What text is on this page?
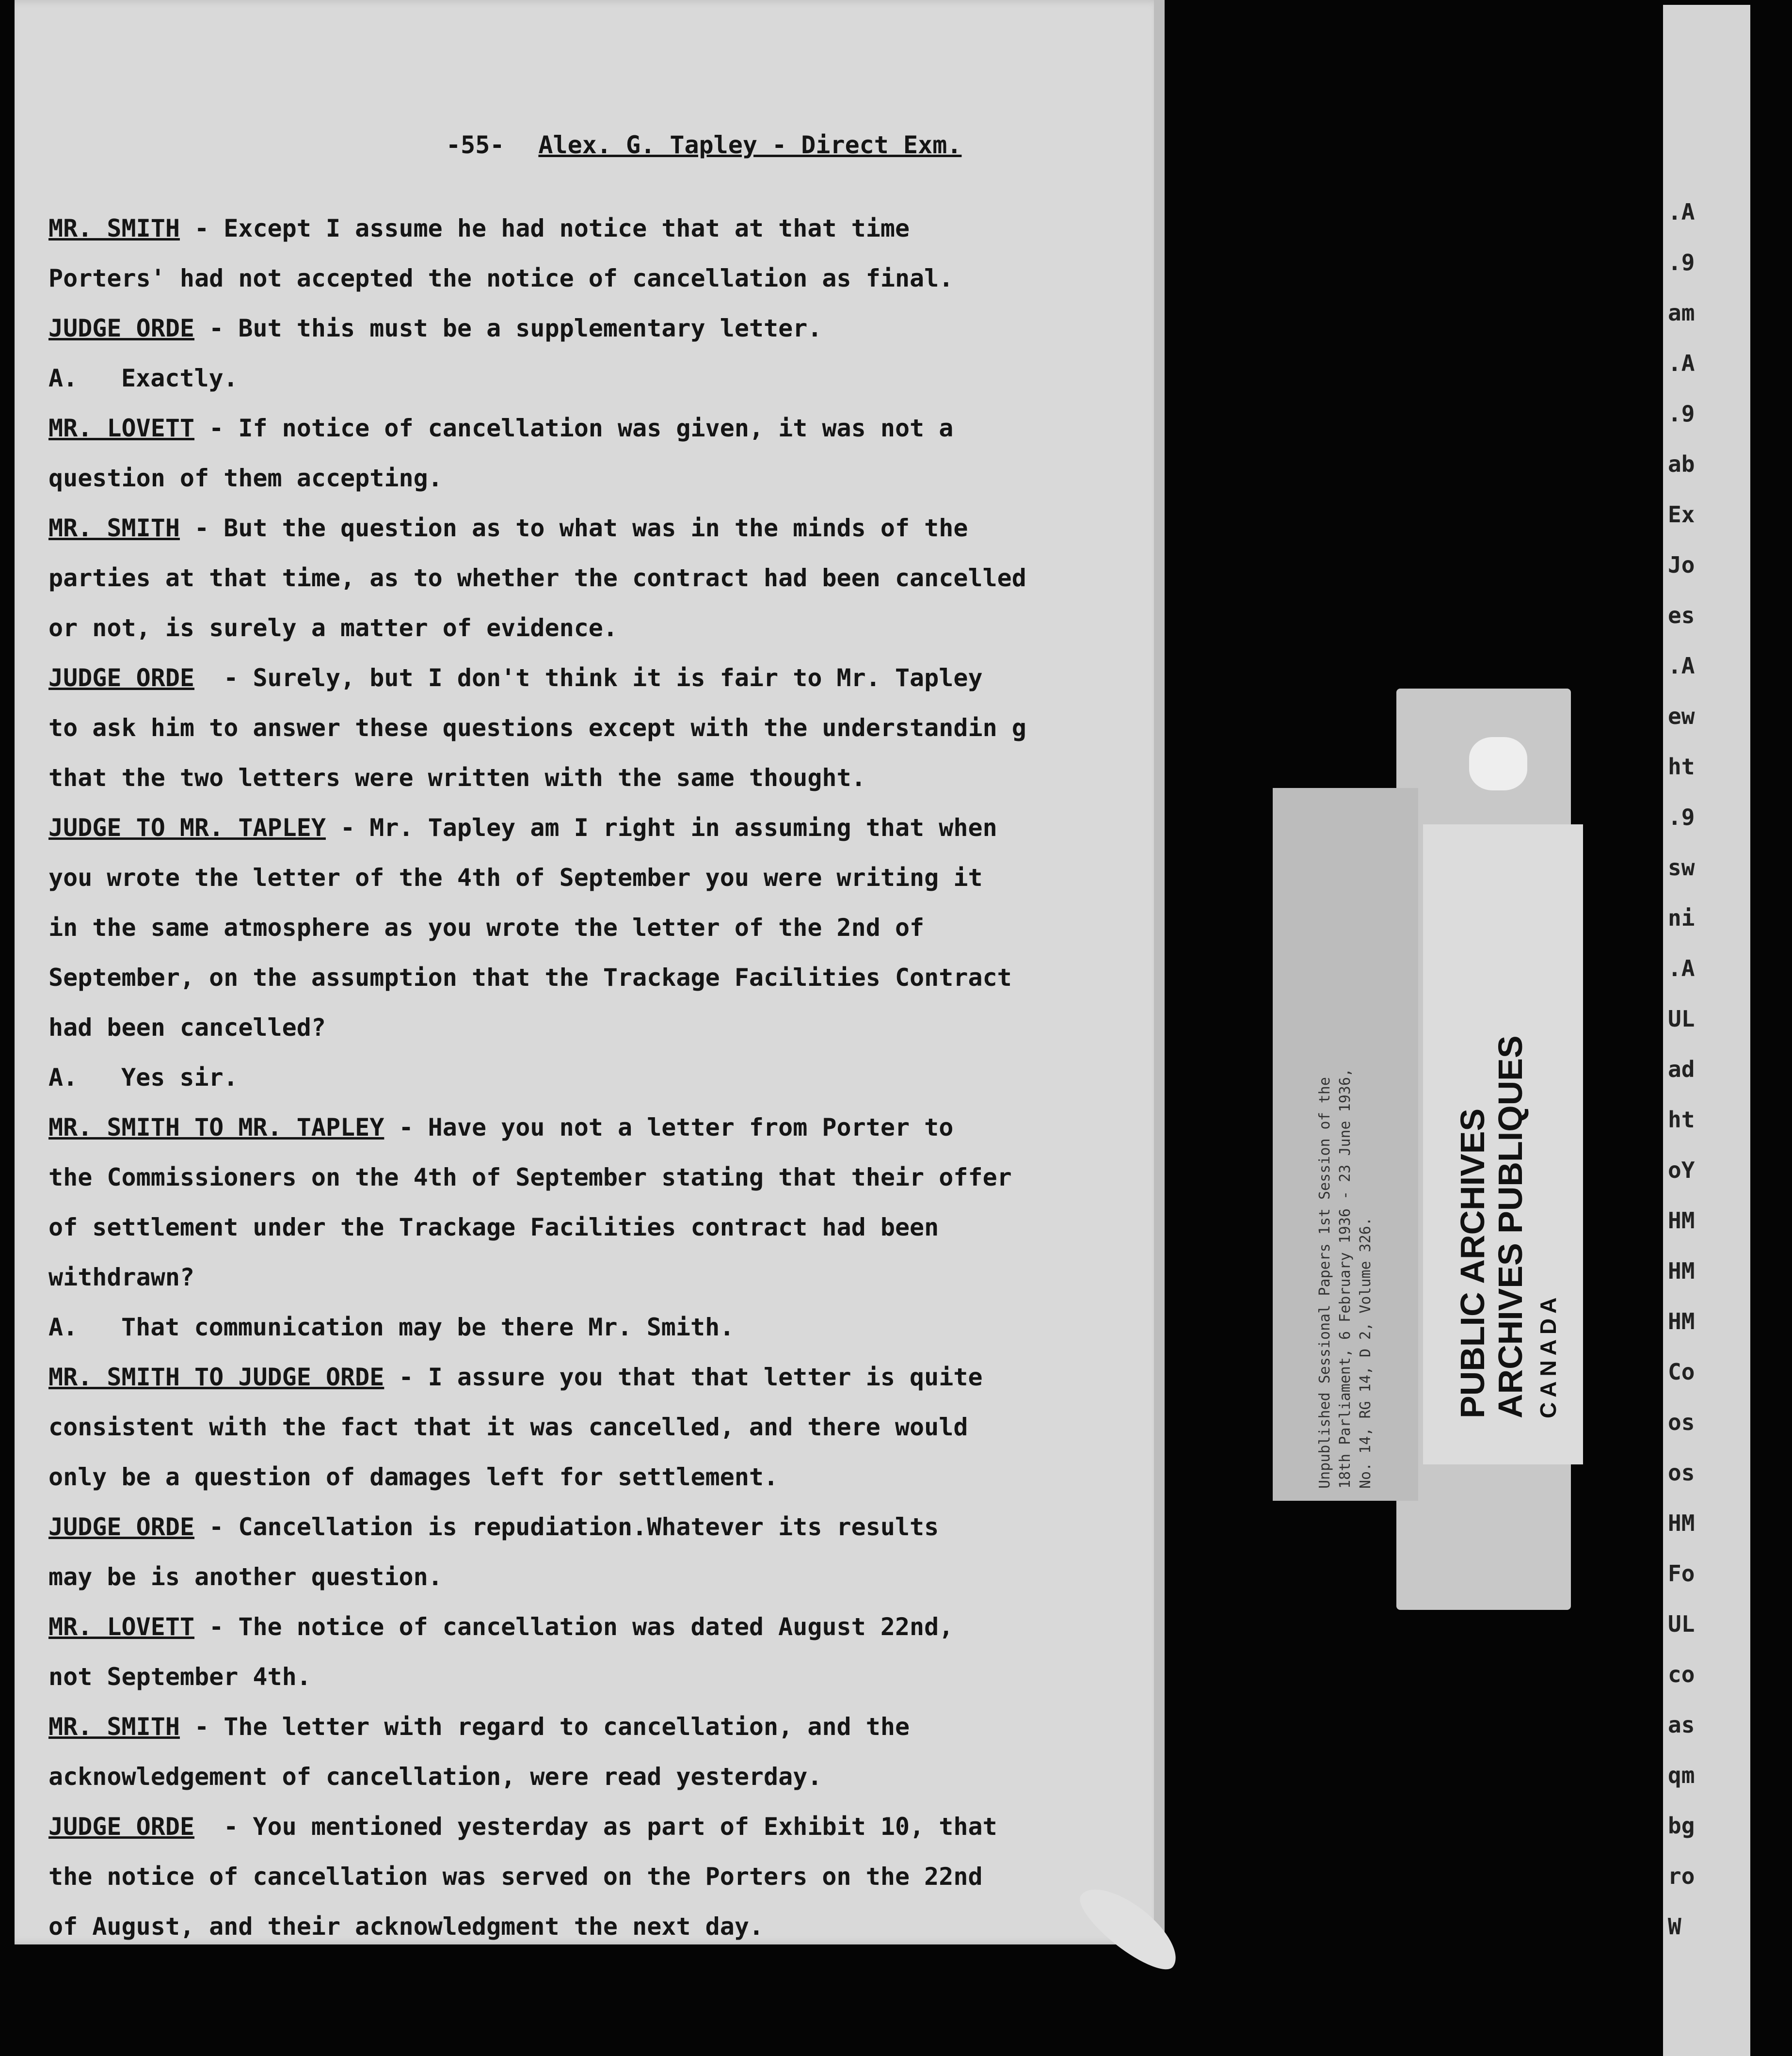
-55- Alex. G. Tapley - Direct Exm.
MR. SMITH - Except I assume he had notice that at that time
Porters' had not accepted the notice of cancellation as final.
JUDGE ORDE - But this must be a supplementary letter.
A. Exactly.
MR. LOVETT - If notice of cancellation was given, it was not a
question of them accepting.
MR. SMITH - But the question as to what was in the minds of the
parties at that time, as to whether the contract had been cancelled
or not, is surely a matter of evidence.
JUDGE ORDE  - Surely, but I don't think it is fair to Mr. Tapley
to ask him to answer these questions except with the understandin g
that the two letters were written with the same thought.
JUDGE TO MR. TAPLEY - Mr. Tapley am I right in assuming that when
you wrote the letter of the 4th of September you were writing it
in the same atmosphere as you wrote the letter of the 2nd of
September, on the assumption that the Trackage Facilities Contract
had been cancelled?
A. Yes sir.
MR. SMITH TO MR. TAPLEY - Have you not a letter from Porter to
the Commissioners on the 4th of September stating that their offer
of settlement under the Trackage Facilities contract had been
withdrawn?
A. That communication may be there Mr. Smith.
MR. SMITH TO JUDGE ORDE - I assure you that that letter is quite
consistent with the fact that it was cancelled, and there would
only be a question of damages left for settlement.
JUDGE ORDE - Cancellation is repudiation.Whatever its results
may be is another question.
MR. LOVETT - The notice of cancellation was dated August 22nd,
not September 4th.
MR. SMITH - The letter with regard to cancellation, and the
acknowledgement of cancellation, were read yesterday.
JUDGE ORDE  - You mentioned yesterday as part of Exhibit 10, that
the notice of cancellation was served on the Porters on the 22nd
of August, and their acknowledgment the next day.
.A
.9
am
.A
.9
ab
Ex
Jo
es
.A
ew
ht
.9
sw
ni
.A
UL
ad
ht
oY
HM
HM
HM
Co
os
os
HM
Fo
UL
co
as
qm
bg
ro
W
Unpublished Sessional Papers 1st Session of the 18th Parliament, 6 February 1936 - 23 June 1936, No. 14, RG 14, D 2, Volume 326. PUBLIC ARCHIVES ARCHIVES PUBLIQUES CANADA
